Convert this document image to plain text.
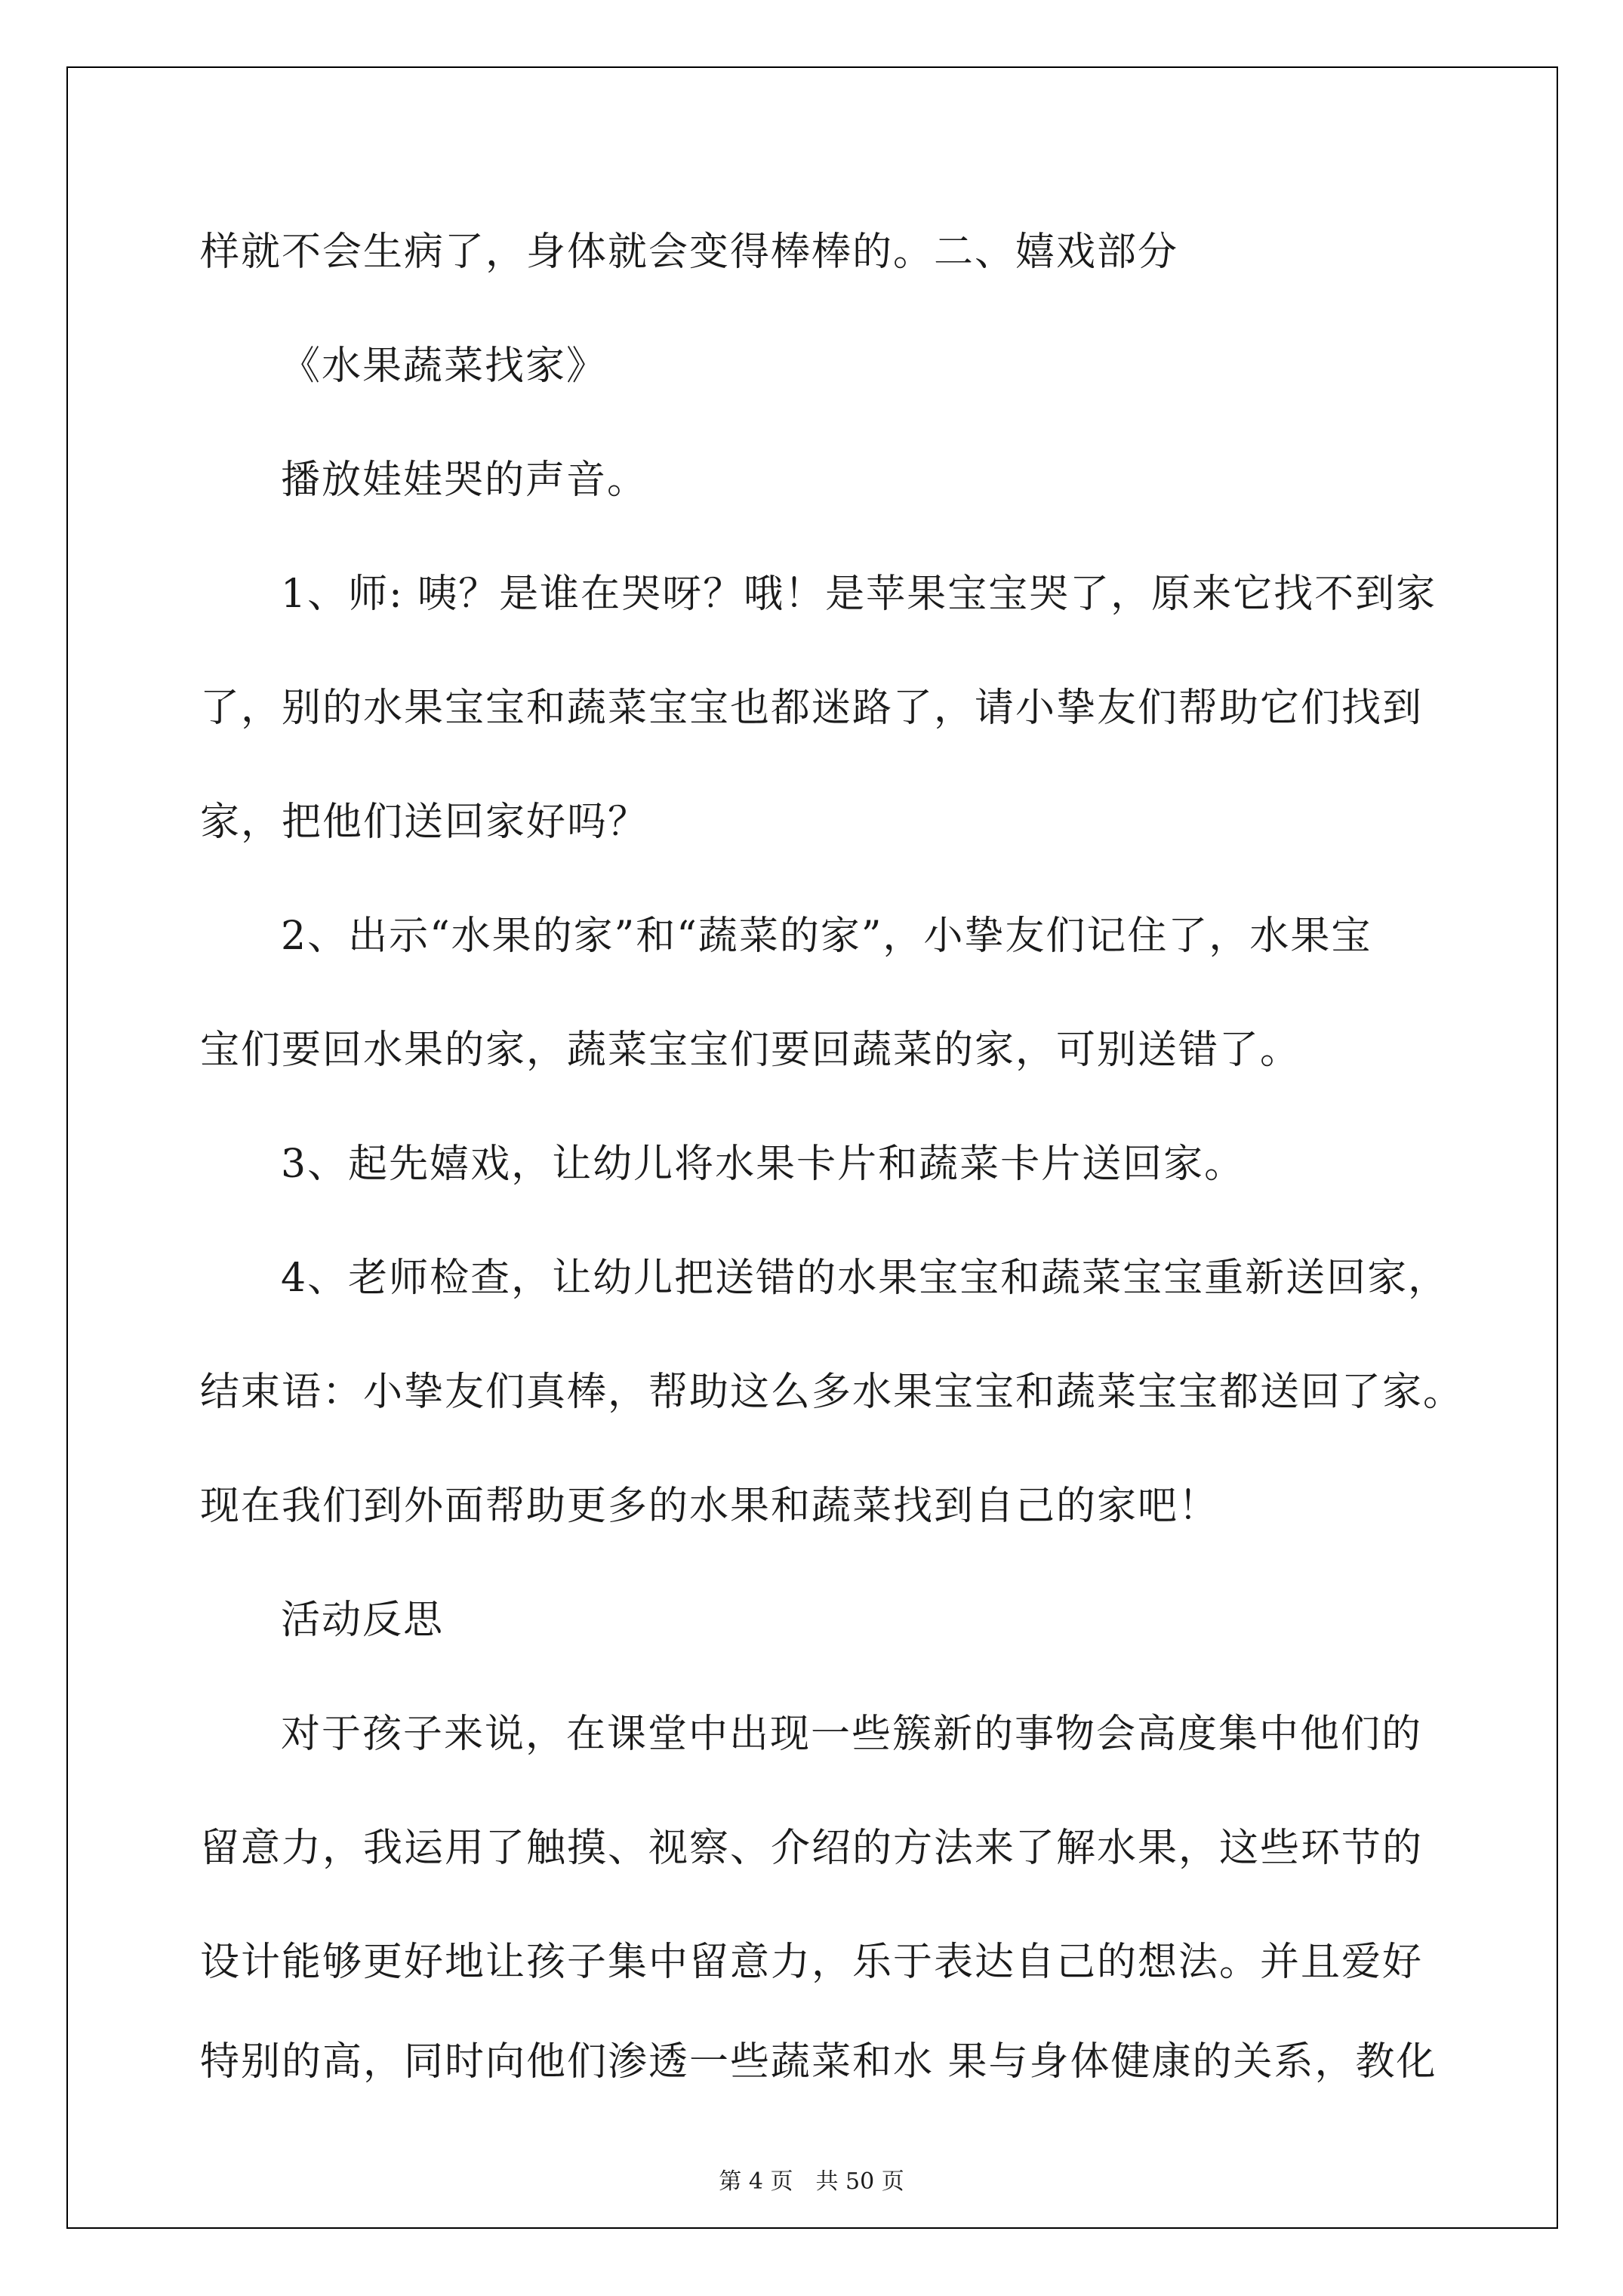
样就不会生病了，身体就会变得棒棒的。二、嬉戏部分
《水果蔬菜找家》
播放娃娃哭的声音。
1、师: 咦？是谁在哭呀？哦！是苹果宝宝哭了，原来它找不到家
了，别的水果宝宝和蔬菜宝宝也都迷路了，请小挚友们帮助它们找到
家，把他们送回家好吗？
2、出示“水果的家”和“蔬菜的家”，小挚友们记住了，水果宝
宝们要回水果的家，蔬菜宝宝们要回蔬菜的家，可别送错了。
3、起先嬉戏，让幼儿将水果卡片和蔬菜卡片送回家。
4、老师检查，让幼儿把送错的水果宝宝和蔬菜宝宝重新送回家，
结束语：小挚友们真棒，帮助这么多水果宝宝和蔬菜宝宝都送回了家。
现在我们到外面帮助更多的水果和蔬菜找到自己的家吧！
活动反思
对于孩子来说，在课堂中出现一些簇新的事物会高度集中他们的
留意力，我运用了触摸、视察、介绍的方法来了解水果，这些环节的
设计能够更好地让孩子集中留意力，乐于表达自己的想法。并且爱好
特别的高，同时向他们渗透一些蔬菜和水 果与身体健康的关系，教化
第 4 页　共 50 页
